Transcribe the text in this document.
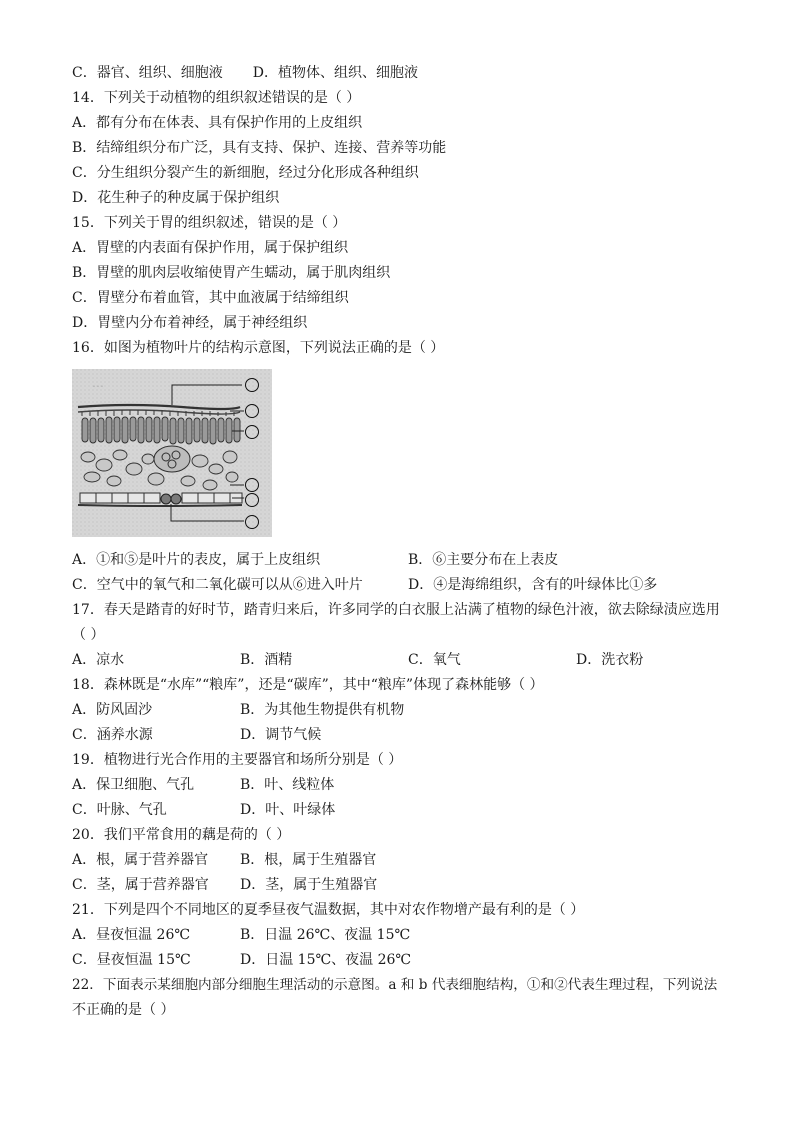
C．器官、组织、细胞液 D．植物体、组织、细胞液
14．下列关于动植物的组织叙述错误的是（ ）
A．都有分布在体表、具有保护作用的上皮组织
B．结缔组织分布广泛，具有支持、保护、连接、营养等功能
C．分生组织分裂产生的新细胞，经过分化形成各种组织
D．花生种子的种皮属于保护组织
15．下列关于胃的组织叙述，错误的是（ ）
A．胃壁的内表面有保护作用，属于保护组织
B．胃壁的肌肉层收缩使胃产生蠕动，属于肌肉组织
C．胃壁分布着血管，其中血液属于结缔组织
D．胃壁内分布着神经，属于神经组织
16．如图为植物叶片的结构示意图，下列说法正确的是（ ）
…
A．①和⑤是叶片的表皮，属于上皮组织	B．⑥主要分布在上表皮
C．空气中的氧气和二氧化碳可以从⑥进入叶片	D．④是海绵组织，含有的叶绿体比①多
17．春天是踏青的好时节，踏青归来后，许多同学的白衣服上沾满了植物的绿色汁液，欲去除绿渍应选用
（ ）
A．凉水	B．酒精	C．氧气	D．洗衣粉
18．森林既是“水库”“粮库”，还是“碳库”，其中“粮库”体现了森林能够（ ）
A．防风固沙	B．为其他生物提供有机物
C．涵养水源	D．调节气候
19．植物进行光合作用的主要器官和场所分别是（ ）
A．保卫细胞、气孔	B．叶、线粒体
C．叶脉、气孔	D．叶、叶绿体
20．我们平常食用的藕是荷的（ ）
A．根，属于营养器官 B．根，属于生殖器官
C．茎，属于营养器官 D．茎，属于生殖器官
21．下列是四个不同地区的夏季昼夜气温数据，其中对农作物增产最有利的是（ ）
A．昼夜恒温 26℃	B．日温 26℃、夜温 15℃
C．昼夜恒温 15℃	D．日温 15℃、夜温 26℃
22．下面表示某细胞内部分细胞生理活动的示意图。a 和 b 代表细胞结构，①和②代表生理过程，下列说法
不正确的是（ ）
